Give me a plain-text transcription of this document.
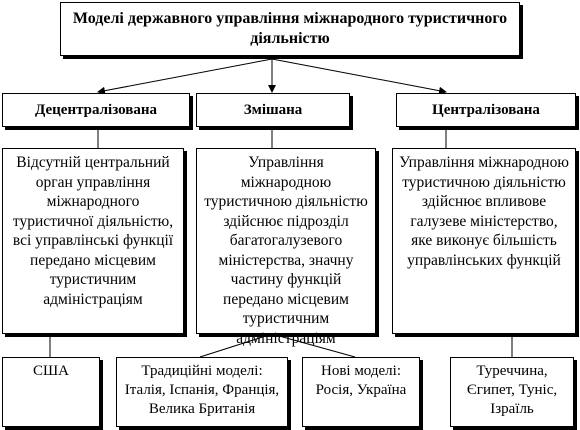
Моделі державного управління міжнародного туристичного діяльністю
Децентралізована	Змішана	Централізована
Відсутній центральний орган управління міжнародного туристичної діяльністю, всі управлінські функції передано місцевим туристичним адміністраціям
Управління міжнародною туристичною діяльністю здійснює підрозділ багатогалузевого міністерства, значну частину функцій передано місцевим туристичним адміністраціям
Управління міжнародною туристичною діяльністю здійснює впливове галузеве міністерство, яке виконує більшість управлінських функцій
США	Традиційні моделі: Італія, Іспанія, Франція, Велика Британія
Нові моделі: Росія, Україна
Туреччина, Єгипет, Туніс, Ізраїль
